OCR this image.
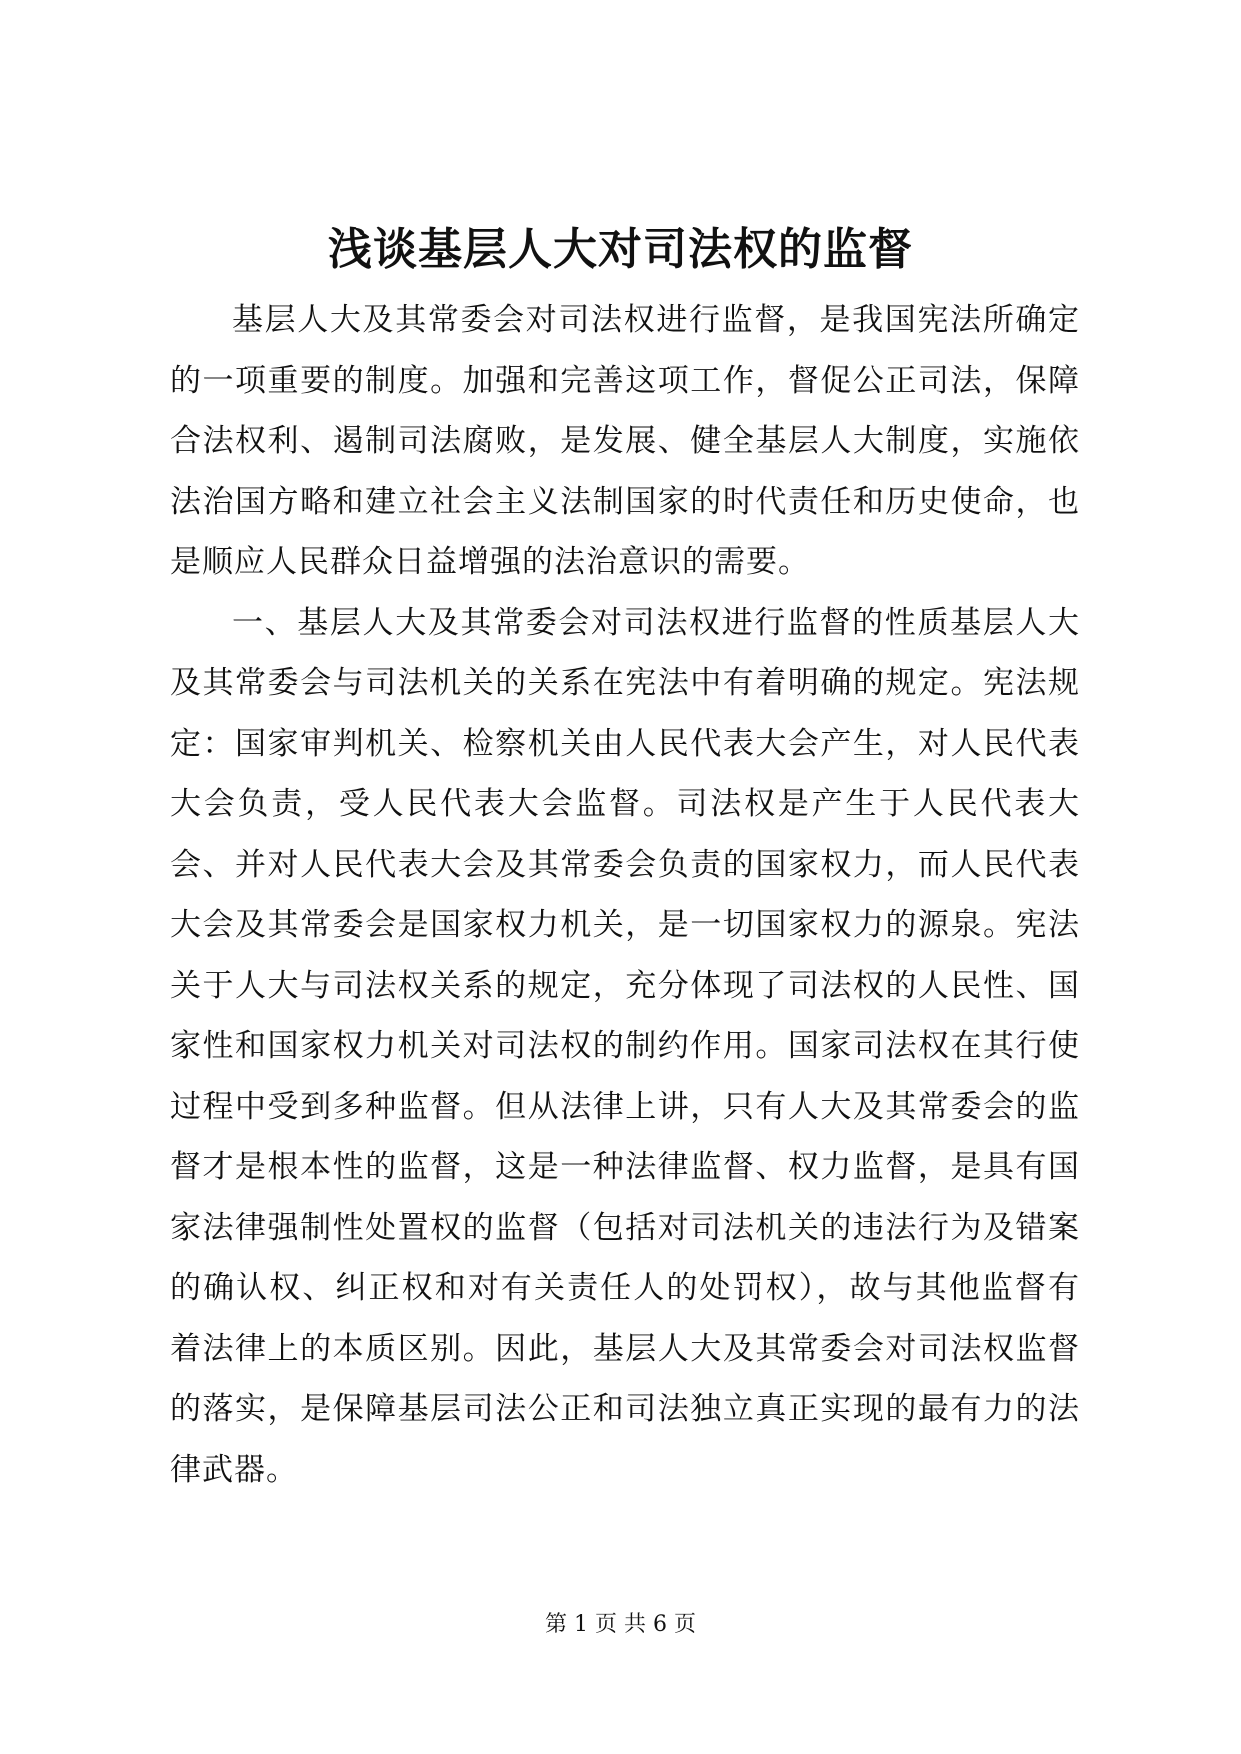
浅谈基层人大对司法权的监督

基层人大及其常委会对司法权进行监督，是我国宪法所确定的一项重要的制度。加强和完善这项工作，督促公正司法，保障合法权利、遏制司法腐败，是发展、健全基层人大制度，实施依法治国方略和建立社会主义法制国家的时代责任和历史使命，也是顺应人民群众日益增强的法治意识的需要。

一、基层人大及其常委会对司法权进行监督的性质基层人大及其常委会与司法机关的关系在宪法中有着明确的规定。宪法规定：国家审判机关、检察机关由人民代表大会产生，对人民代表大会负责，受人民代表大会监督。司法权是产生于人民代表大会、并对人民代表大会及其常委会负责的国家权力，而人民代表大会及其常委会是国家权力机关，是一切国家权力的源泉。宪法关于人大与司法权关系的规定，充分体现了司法权的人民性、国家性和国家权力机关对司法权的制约作用。国家司法权在其行使过程中受到多种监督。但从法律上讲，只有人大及其常委会的监督才是根本性的监督，这是一种法律监督、权力监督，是具有国家法律强制性处置权的监督（包括对司法机关的违法行为及错案的确认权、纠正权和对有关责任人的处罚权），故与其他监督有着法律上的本质区别。因此，基层人大及其常委会对司法权监督的落实，是保障基层司法公正和司法独立真正实现的最有力的法律武器。

第 1 页 共 6 页
